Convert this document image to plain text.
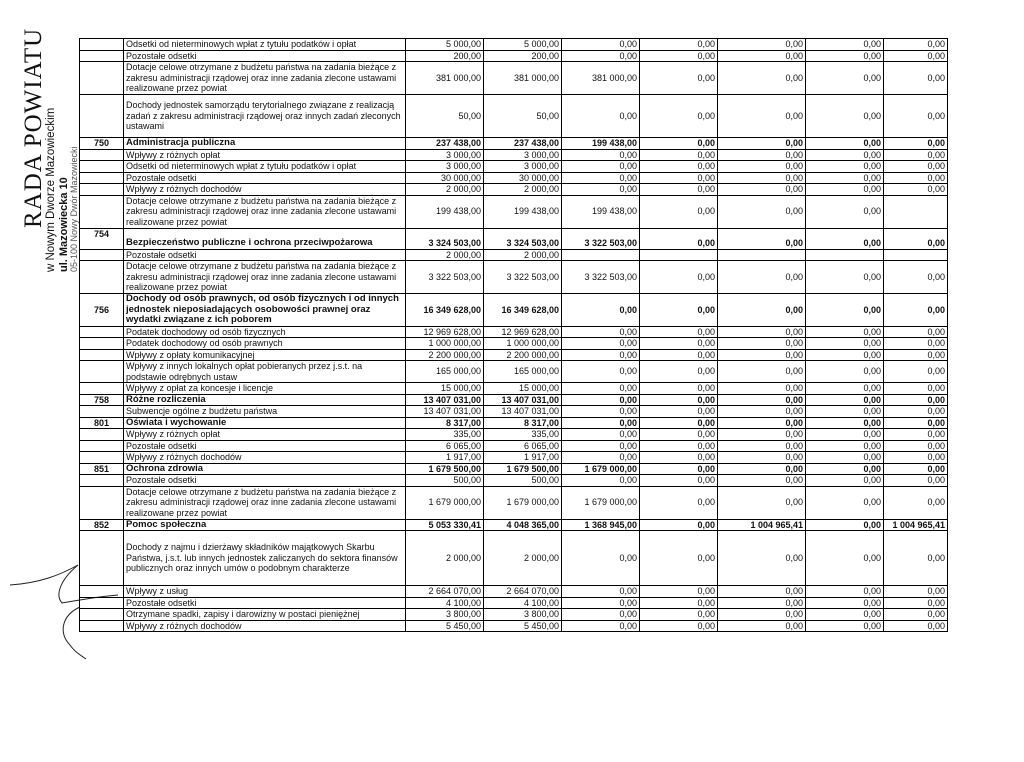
RADA POWIATU
w Nowym Dworze Mazowieckim ul. Mazowiecka 10 05-100 Nowy Dwór Mazowiecki
	Odsetki od nieterminowych wpłat z tytułu podatków i opłat	5 000,00	5 000,00	0,00	0,00	0,00	0,00	0,00
	Pozostałe odsetki	200,00	200,00	0,00	0,00	0,00	0,00	0,00
	Dotacje celowe otrzymane z budżetu państwa na zadania bieżące z zakresu administracji rządowej oraz inne zadania zlecone ustawami realizowane przez powiat	381 000,00	381 000,00	381 000,00	0,00	0,00	0,00	0,00
	Dochody jednostek samorządu terytorialnego związane z realizacją zadań z zakresu administracji rządowej oraz innych zadań zleconych ustawami	50,00	50,00	0,00	0,00	0,00	0,00	0,00
750	Administracja publiczna	237 438,00	237 438,00	199 438,00	0,00	0,00	0,00	0,00
	Wpływy z różnych opłat	3 000,00	3 000,00	0,00	0,00	0,00	0,00	0,00
	Odsetki od nieterminowych wpłat z tytułu podatków i opłat	3 000,00	3 000,00	0,00	0,00	0,00	0,00	0,00
	Pozostałe odsetki	30 000,00	30 000,00	0,00	0,00	0,00	0,00	0,00
	Wpływy z różnych dochodów	2 000,00	2 000,00	0,00	0,00	0,00	0,00	0,00
	Dotacje celowe otrzymane z budżetu państwa na zadania bieżące z zakresu administracji rządowej oraz inne zadania zlecone ustawami realizowane przez powiat	199 438,00	199 438,00	199 438,00	0,00	0,00	0,00	
754	Bezpieczeństwo publiczne i ochrona przeciwpożarowa	3 324 503,00	3 324 503,00	3 322 503,00	0,00	0,00	0,00	0,00
	Pozostałe odsetki	2 000,00	2 000,00					
	Dotacje celowe otrzymane z budżetu państwa na zadania bieżące z zakresu administracji rządowej oraz inne zadania zlecone ustawami realizowane przez powiat	3 322 503,00	3 322 503,00	3 322 503,00	0,00	0,00	0,00	0,00
756	Dochody od osób prawnych, od osób fizycznych i od innych jednostek nieposiadających osobowości prawnej oraz wydatki związane z ich poborem	16 349 628,00	16 349 628,00	0,00	0,00	0,00	0,00	0,00
	Podatek dochodowy od osób fizycznych	12 969 628,00	12 969 628,00	0,00	0,00	0,00	0,00	0,00
	Podatek dochodowy od osób prawnych	1 000 000,00	1 000 000,00	0,00	0,00	0,00	0,00	0,00
	Wpływy z opłaty komunikacyjnej	2 200 000,00	2 200 000,00	0,00	0,00	0,00	0,00	0,00
	Wpływy z innych lokalnych opłat pobieranych przez j.s.t. na podstawie odrębnych ustaw	165 000,00	165 000,00	0,00	0,00	0,00	0,00	0,00
	Wpływy z opłat za koncesje i licencje	15 000,00	15 000,00	0,00	0,00	0,00	0,00	0,00
758	Różne rozliczenia	13 407 031,00	13 407 031,00	0,00	0,00	0,00	0,00	0,00
	Subwencje ogólne z budżetu państwa	13 407 031,00	13 407 031,00	0,00	0,00	0,00	0,00	0,00
801	Oświata i wychowanie	8 317,00	8 317,00	0,00	0,00	0,00	0,00	0,00
	Wpływy z różnych opłat	335,00	335,00	0,00	0,00	0,00	0,00	0,00
	Pozostałe odsetki	6 065,00	6 065,00	0,00	0,00	0,00	0,00	0,00
	Wpływy z różnych dochodów	1 917,00	1 917,00	0,00	0,00	0,00	0,00	0,00
851	Ochrona zdrowia	1 679 500,00	1 679 500,00	1 679 000,00	0,00	0,00	0,00	0,00
	Pozostałe odsetki	500,00	500,00	0,00	0,00	0,00	0,00	0,00
	Dotacje celowe otrzymane z budżetu państwa na zadania bieżące z zakresu administracji rządowej oraz inne zadania zlecone ustawami realizowane przez powiat	1 679 000,00	1 679 000,00	1 679 000,00	0,00	0,00	0,00	0,00
852	Pomoc społeczna	5 053 330,41	4 048 365,00	1 368 945,00	0,00	1 004 965,41	0,00	1 004 965,41
	Dochody z najmu i dzierżawy składników majątkowych Skarbu Państwa, j.s.t. lub innych jednostek zaliczanych do sektora finansów publicznych oraz innych umów o podobnym charakterze	2 000,00	2 000,00	0,00	0,00	0,00	0,00	0,00
	Wpływy z usług	2 664 070,00	2 664 070,00	0,00	0,00	0,00	0,00	0,00
	Pozostałe odsetki	4 100,00	4 100,00	0,00	0,00	0,00	0,00	0,00
	Otrzymane spadki, zapisy i darowizny w postaci pieniężnej	3 800,00	3 800,00	0,00	0,00	0,00	0,00	0,00
	Wpływy z różnych dochodów	5 450,00	5 450,00	0,00	0,00	0,00	0,00	0,00
